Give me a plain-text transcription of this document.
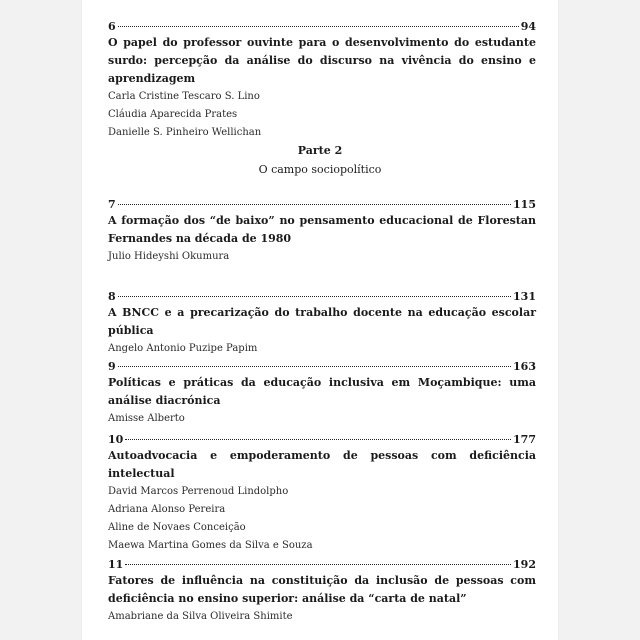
6	94
O papel do professor ouvinte para o desenvolvimento do estudante surdo: percepção da análise do discurso na vivência do ensino e aprendizagem
Carla Cristine Tescaro S. Lino
Cláudia Aparecida Prates
Danielle S. Pinheiro Wellichan
Parte 2
O campo sociopolítico
7	115
A formação dos “de baixo” no pensamento educacional de Florestan Fernandes na década de 1980
Julio Hideyshi Okumura
8	131
A BNCC e a precarização do trabalho docente na educação escolar pública
Angelo Antonio Puzipe Papim
9	163
Políticas e práticas da educação inclusiva em Moçambique: uma análise diacrónica
Amisse Alberto
10	177
Autoadvocacia e empoderamento de pessoas com deficiência intelectual
David Marcos Perrenoud Lindolpho
Adriana Alonso Pereira
Aline de Novaes Conceição
Maewa Martina Gomes da Silva e Souza
11	192
Fatores de influência na constituição da inclusão de pessoas com deficiência no ensino superior: análise da “carta de natal”
Amabriane da Silva Oliveira Shimite
